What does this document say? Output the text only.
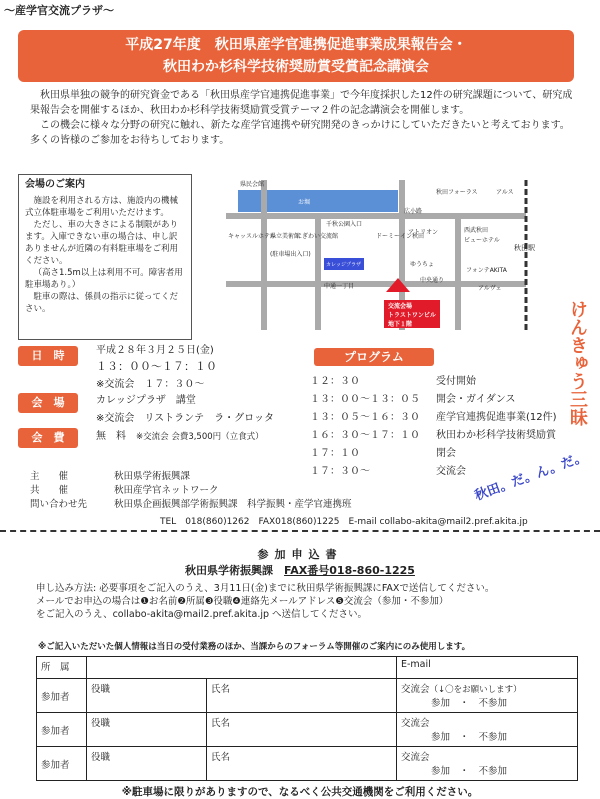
〜産学官交流プラザ〜
平成27年度　秋田県産学官連携促進事業成果報告会・
秋田わか杉科学技術奨励賞受賞記念講演会

秋田県単独の競争的研究資金である「秋田県産学官連携促進事業」で今年度採択した12件の研究課題について、研究成果報告会を開催するほか、秋田わか杉科学技術奨励賞受賞テーマ２件の記念講演会を開催します。

この機会に様々な分野の研究に触れ、新たな産学官連携や研究開発のきっかけにしていただきたいと考えております。多くの皆様のご参加をお待ちしております。

会場のご案内

施設を利用される方は、施設内の機械式立体駐車場をご利用いただけます。

ただし、車の大きさによる制限があります。入庫できない車の場合は、申し訳ありませんが近隣の有料駐車場をご利用ください。

（高さ1.5m以上は利用不可。障害者用駐車場あり。）

駐車の際は、係員の指示に従ってください。

県民会館
お堀
秋田フォーラス	アルス
広小路
千秋公園入口
キャッスルホテル
県立美術館
にぎわい交流館	ドーミーイン秋田
アトリオン	西武秋田
ビューホテル
秋田駅
(駐車場出入口)
カレッジプラザ	ゆうちょ
フォンテAKITA
アルヴェ
中通一丁目
中央通り
交流会場
トラストワンビル
地下１階
日時 平成２８年３月２５日(金)
１３：００〜１７：１０
※交流会　１７：３０〜
会場 カレッジプラザ　講堂
※交流会　リストランテ　ラ・グロッタ
会費 無　料　 ※交流会 会費3,500円（立食式）
プログラム
１２：３０	受付開始
１３：００〜１３：０５ 開会・ガイダンス
１３：０５〜１６：３０ 産学官連携促進事業(12件)
１６：３０〜１７：１０ 秋田わか杉科学技術奨励賞
１７：１０	閉会
１７：３０〜	交流会
けんきゅう三昧
秋田。だ。ん。だ。
主　　催	秋田県学術振興課
共　　催	秋田産学官ネットワーク
問い合わせ先	秋田県企画振興部学術振興課　科学振興・産学官連携班
TEL　018(860)1262　FAX018(860)1225　E-mail collabo-akita@mail2.pref.akita.jp
参加申込書
秋田県学術振興課　FAX番号018-860-1225

申し込み方法: 必要事項をご記入のうえ、3月11日(金)までに秋田県学術振興課にFAXで送信してください。

メールでお申込の場合は❶お名前❷所属❸役職❹連絡先メールアドレス❺交流会（参加・不参加）

をご記入のうえ、collabo-akita@mail2.pref.akita.jp へ送信してください。

※ご記入いただいた個人情報は当日の受付業務のほか、当課からのフォーラム等開催のご案内にのみ使用します。
所　属			E-mail
参加者	役職	氏名	交流会（↓〇をお願いします）
参加　・　不参加
参加者	役職	氏名	交流会
参加　・　不参加
参加者	役職	氏名	交流会
参加　・　不参加
※駐車場に限りがありますので、なるべく公共交通機関をご利用ください。
